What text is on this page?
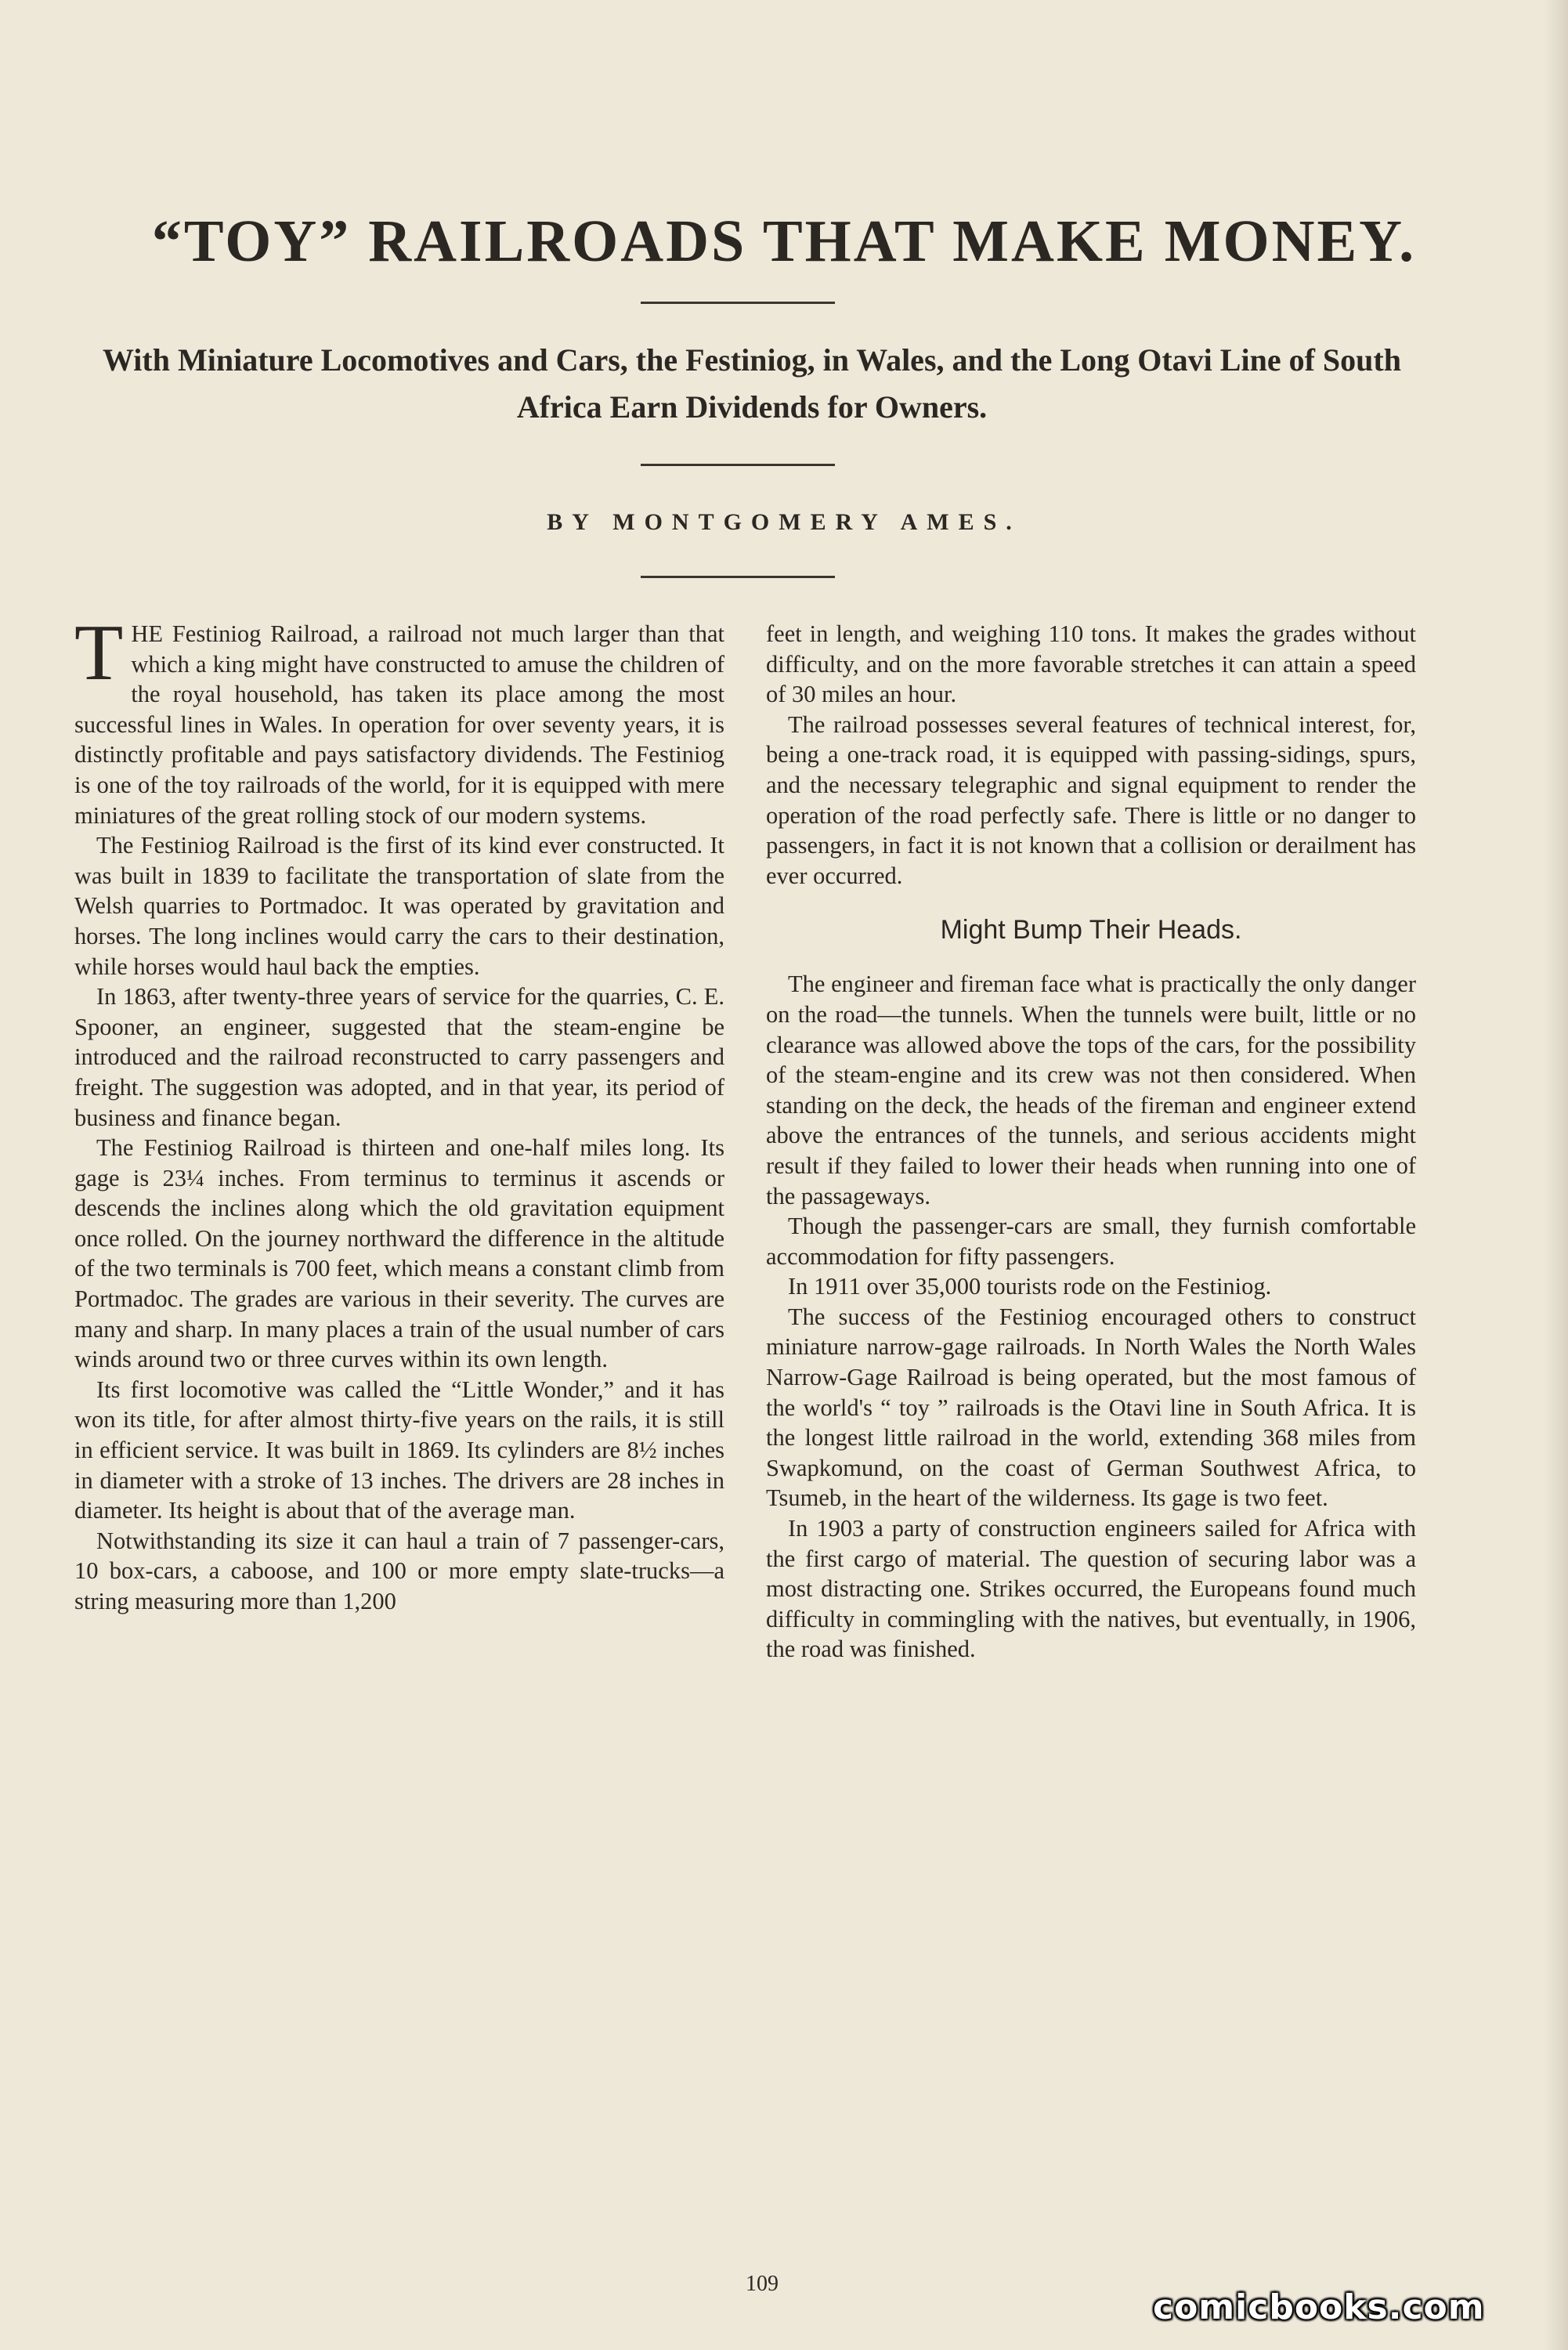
“TOY” RAILROADS THAT MAKE MONEY.
With Miniature Locomotives and Cars, the Festiniog, in Wales, and the Long Otavi Line of South Africa Earn Dividends for Owners.
BY MONTGOMERY AMES.

THE Festiniog Railroad, a railroad not much larger than that which a king might have constructed to amuse the children of the royal household, has taken its place among the most successful lines in Wales. In operation for over seventy years, it is distinctly profitable and pays satisfactory dividends. The Festiniog is one of the toy railroads of the world, for it is equipped with mere miniatures of the great rolling stock of our modern systems.

The Festiniog Railroad is the first of its kind ever constructed. It was built in 1839 to facilitate the transportation of slate from the Welsh quarries to Portmadoc. It was operated by gravitation and horses. The long inclines would carry the cars to their destination, while horses would haul back the empties.

In 1863, after twenty-three years of service for the quarries, C. E. Spooner, an engineer, suggested that the steam-engine be introduced and the railroad reconstructed to carry passengers and freight. The suggestion was adopted, and in that year, its period of business and finance began.

The Festiniog Railroad is thirteen and one-half miles long. Its gage is 23¼ inches. From terminus to terminus it ascends or descends the inclines along which the old gravitation equipment once rolled. On the journey northward the difference in the altitude of the two terminals is 700 feet, which means a constant climb from Portmadoc. The grades are various in their severity. The curves are many and sharp. In many places a train of the usual number of cars winds around two or three curves within its own length.

Its first locomotive was called the “Little Wonder,” and it has won its title, for after almost thirty-five years on the rails, it is still in efficient service. It was built in 1869. Its cylinders are 8½ inches in diameter with a stroke of 13 inches. The drivers are 28 inches in diameter. Its height is about that of the average man.

Notwithstanding its size it can haul a train of 7 passenger-cars, 10 box-cars, a caboose, and 100 or more empty slate-trucks—a string measuring more than 1,200

feet in length, and weighing 110 tons. It makes the grades without difficulty, and on the more favorable stretches it can attain a speed of 30 miles an hour.

The railroad possesses several features of technical interest, for, being a one-track road, it is equipped with passing-sidings, spurs, and the necessary telegraphic and signal equipment to render the operation of the road perfectly safe. There is little or no danger to passengers, in fact it is not known that a collision or derailment has ever occurred.

Might Bump Their Heads.

The engineer and fireman face what is practically the only danger on the road—the tunnels. When the tunnels were built, little or no clearance was allowed above the tops of the cars, for the possibility of the steam-engine and its crew was not then considered. When standing on the deck, the heads of the fireman and engineer extend above the entrances of the tunnels, and serious accidents might result if they failed to lower their heads when running into one of the passageways.

Though the passenger-cars are small, they furnish comfortable accommodation for fifty passengers.

In 1911 over 35,000 tourists rode on the Festiniog.

The success of the Festiniog encouraged others to construct miniature narrow-gage railroads. In North Wales the North Wales Narrow-Gage Railroad is being operated, but the most famous of the world's “ toy ” railroads is the Otavi line in South Africa. It is the longest little railroad in the world, extending 368 miles from Swapkomund, on the coast of German Southwest Africa, to Tsumeb, in the heart of the wilderness. Its gage is two feet.

In 1903 a party of construction engineers sailed for Africa with the first cargo of material. The question of securing labor was a most distracting one. Strikes occurred, the Europeans found much difficulty in commingling with the natives, but eventually, in 1906, the road was finished.

109
comicbooks.com
